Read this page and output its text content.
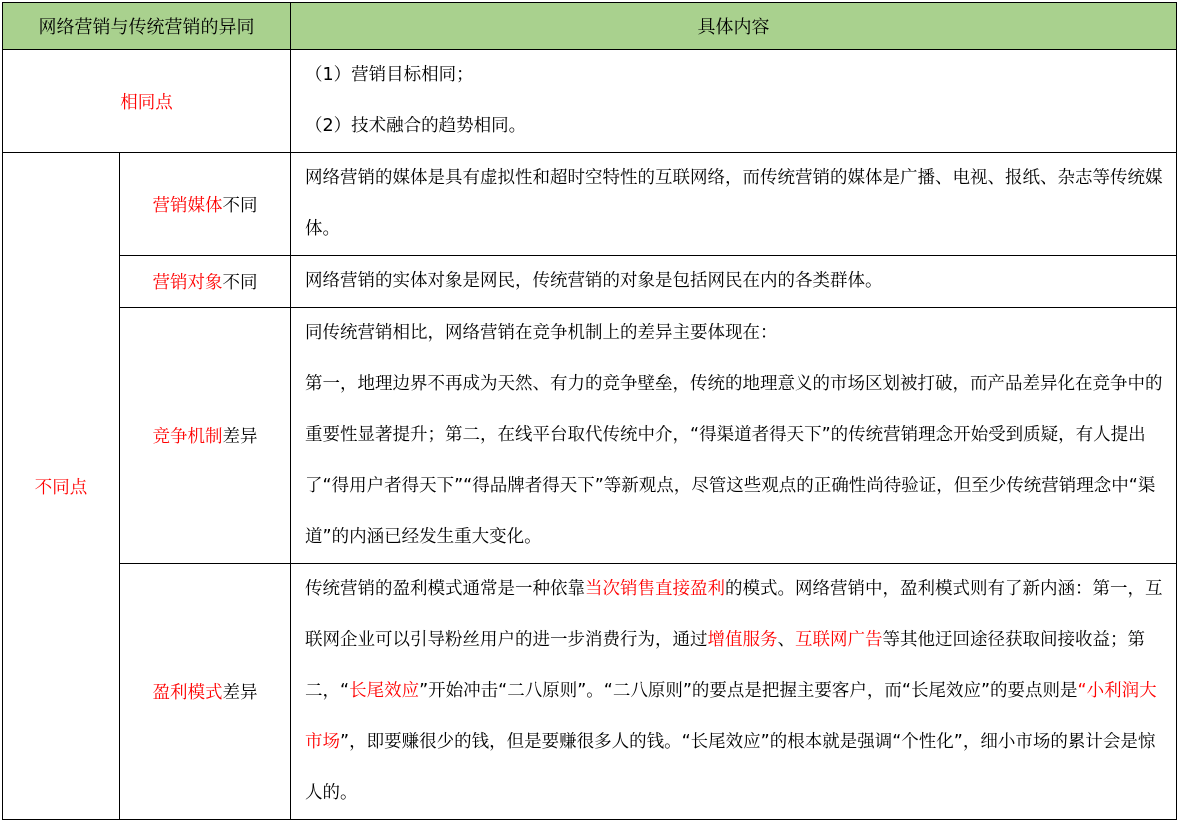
网络营销与传统营销的异同		具体内容
相同点		（1）营销目标相同；

（2）技术融合的趋势相同。

不同点	营销媒体不同	网络营销的媒体是具有虚拟性和超时空特性的互联网络，而传统营销的媒体是广播、电视、报纸、杂志等传统媒体。
	营销对象不同	网络营销的实体对象是网民，传统营销的对象是包括网民在内的各类群体。
	竞争机制差异	同传统营销相比，网络营销在竞争机制上的差异主要体现在：

第一，地理边界不再成为天然、有力的竞争壁垒，传统的地理意义的市场区划被打破，而产品差异化在竞争中的重要性显著提升；第二，在线平台取代传统中介，“得渠道者得天下”的传统营销理念开始受到质疑，有人提出了“得用户者得天下”“得品牌者得天下”等新观点，尽管这些观点的正确性尚待验证，但至少传统营销理念中“渠道”的内涵已经发生重大变化。

	盈利模式差异	传统营销的盈利模式通常是一种依靠当次销售直接盈利的模式。网络营销中，盈利模式则有了新内涵：第一，互联网企业可以引导粉丝用户的进一步消费行为，通过增值服务、互联网广告等其他迂回途径获取间接收益；第二，“长尾效应”开始冲击“二八原则”。“二八原则”的要点是把握主要客户，而“长尾效应”的要点则是“小利润大市场”，即要赚很少的钱，但是要赚很多人的钱。“长尾效应”的根本就是强调“个性化”，细小市场的累计会是惊人的。
